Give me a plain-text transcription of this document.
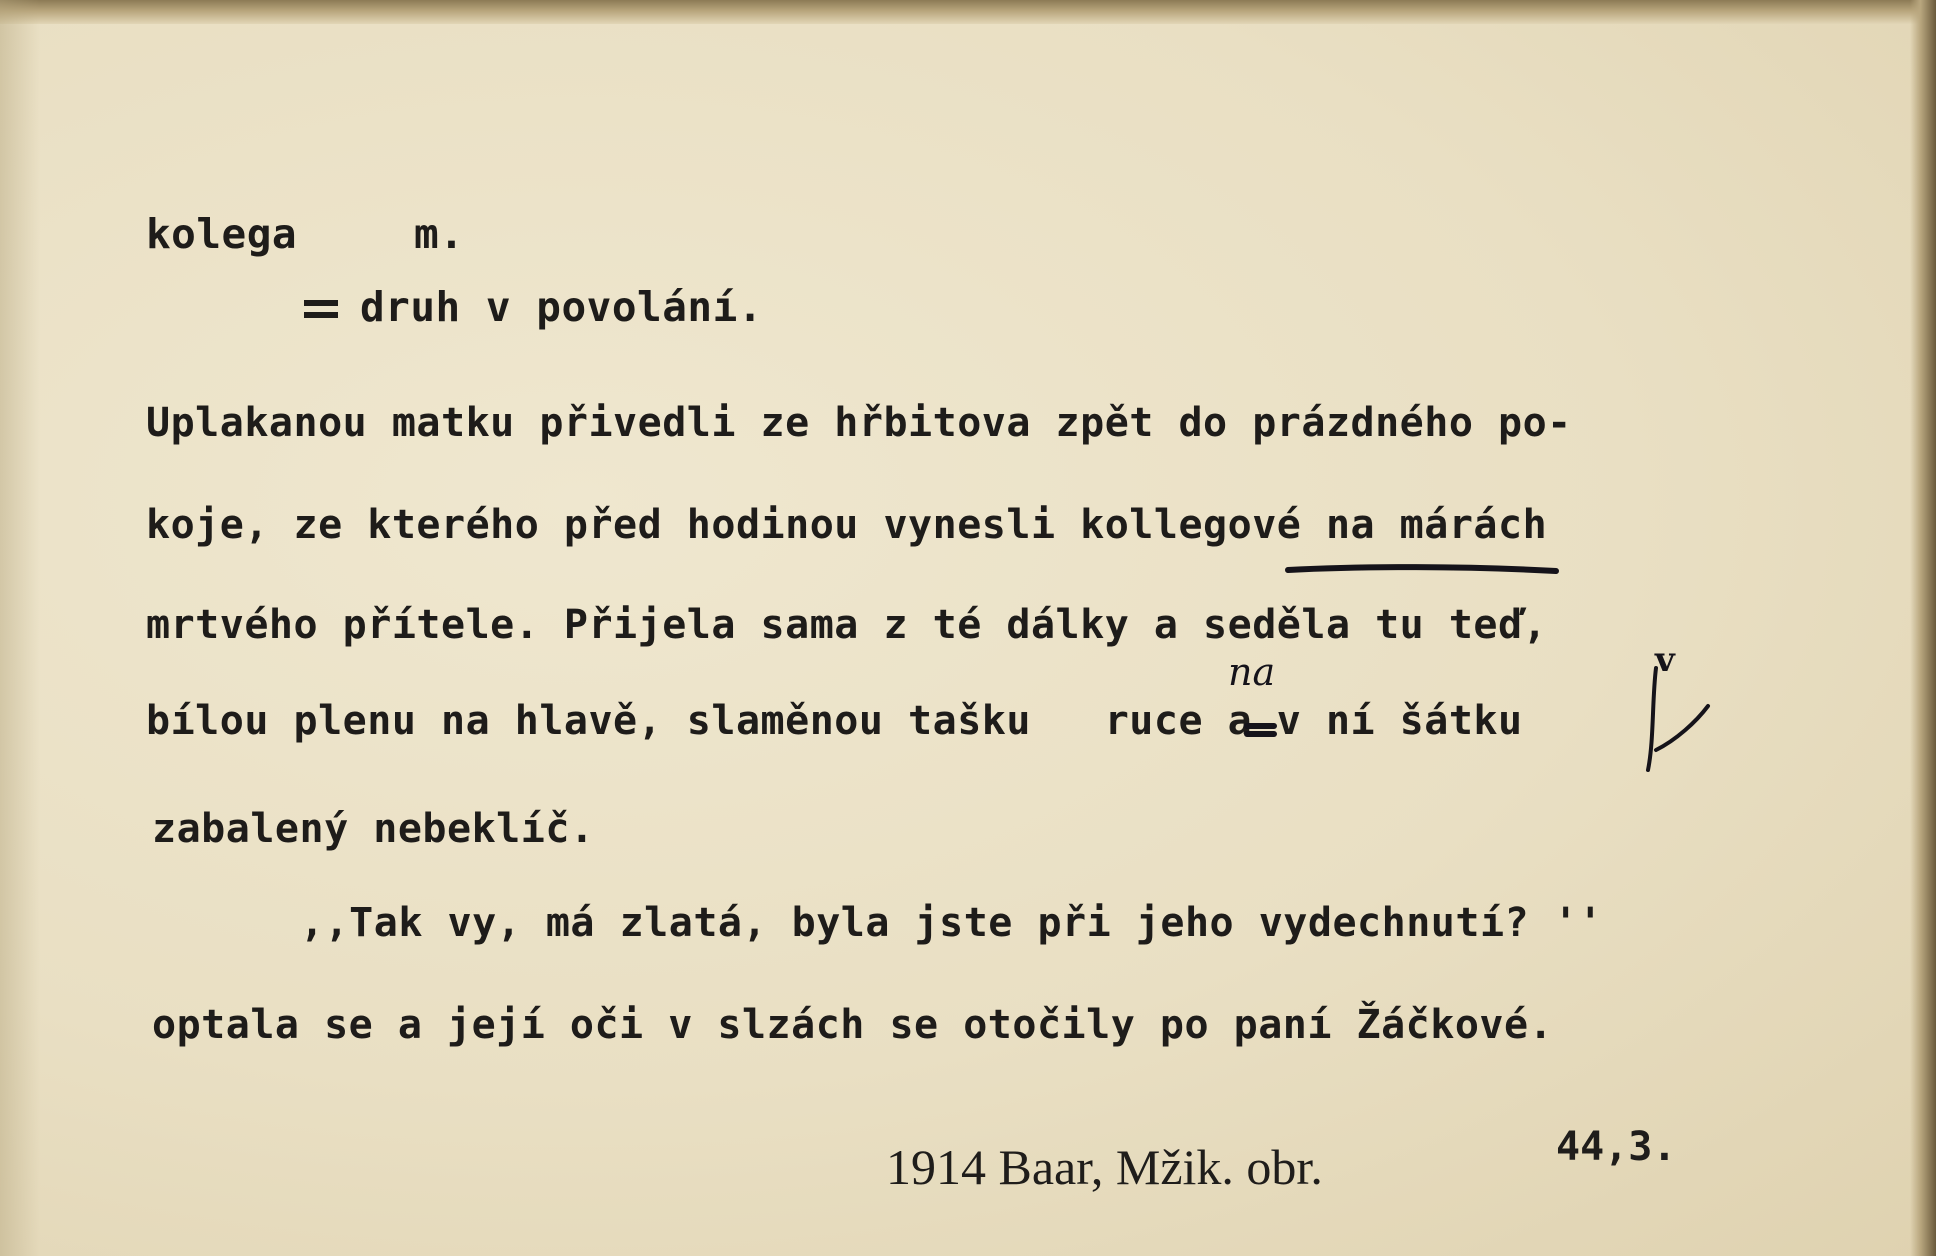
kolega	m.
druh v povolání.
Uplakanou matku přivedli ze hřbitova zpět do prázdného po-
koje, ze kterého před hodinou vynesli kollegové na márách
mrtvého přítele. Přijela sama z té dálky a seděla tu teď,
bílou plenu na hlavě, slaměnou tašku   ruce a v ní šátku
zabalený nebeklíč.
,,Tak vy, má zlatá, byla jste při jeho vydechnutí? ''
optala se a její oči v slzách se otočily po paní Žáčkové.
na	v
1914 Baar, Mžik. obr.	44,3.
